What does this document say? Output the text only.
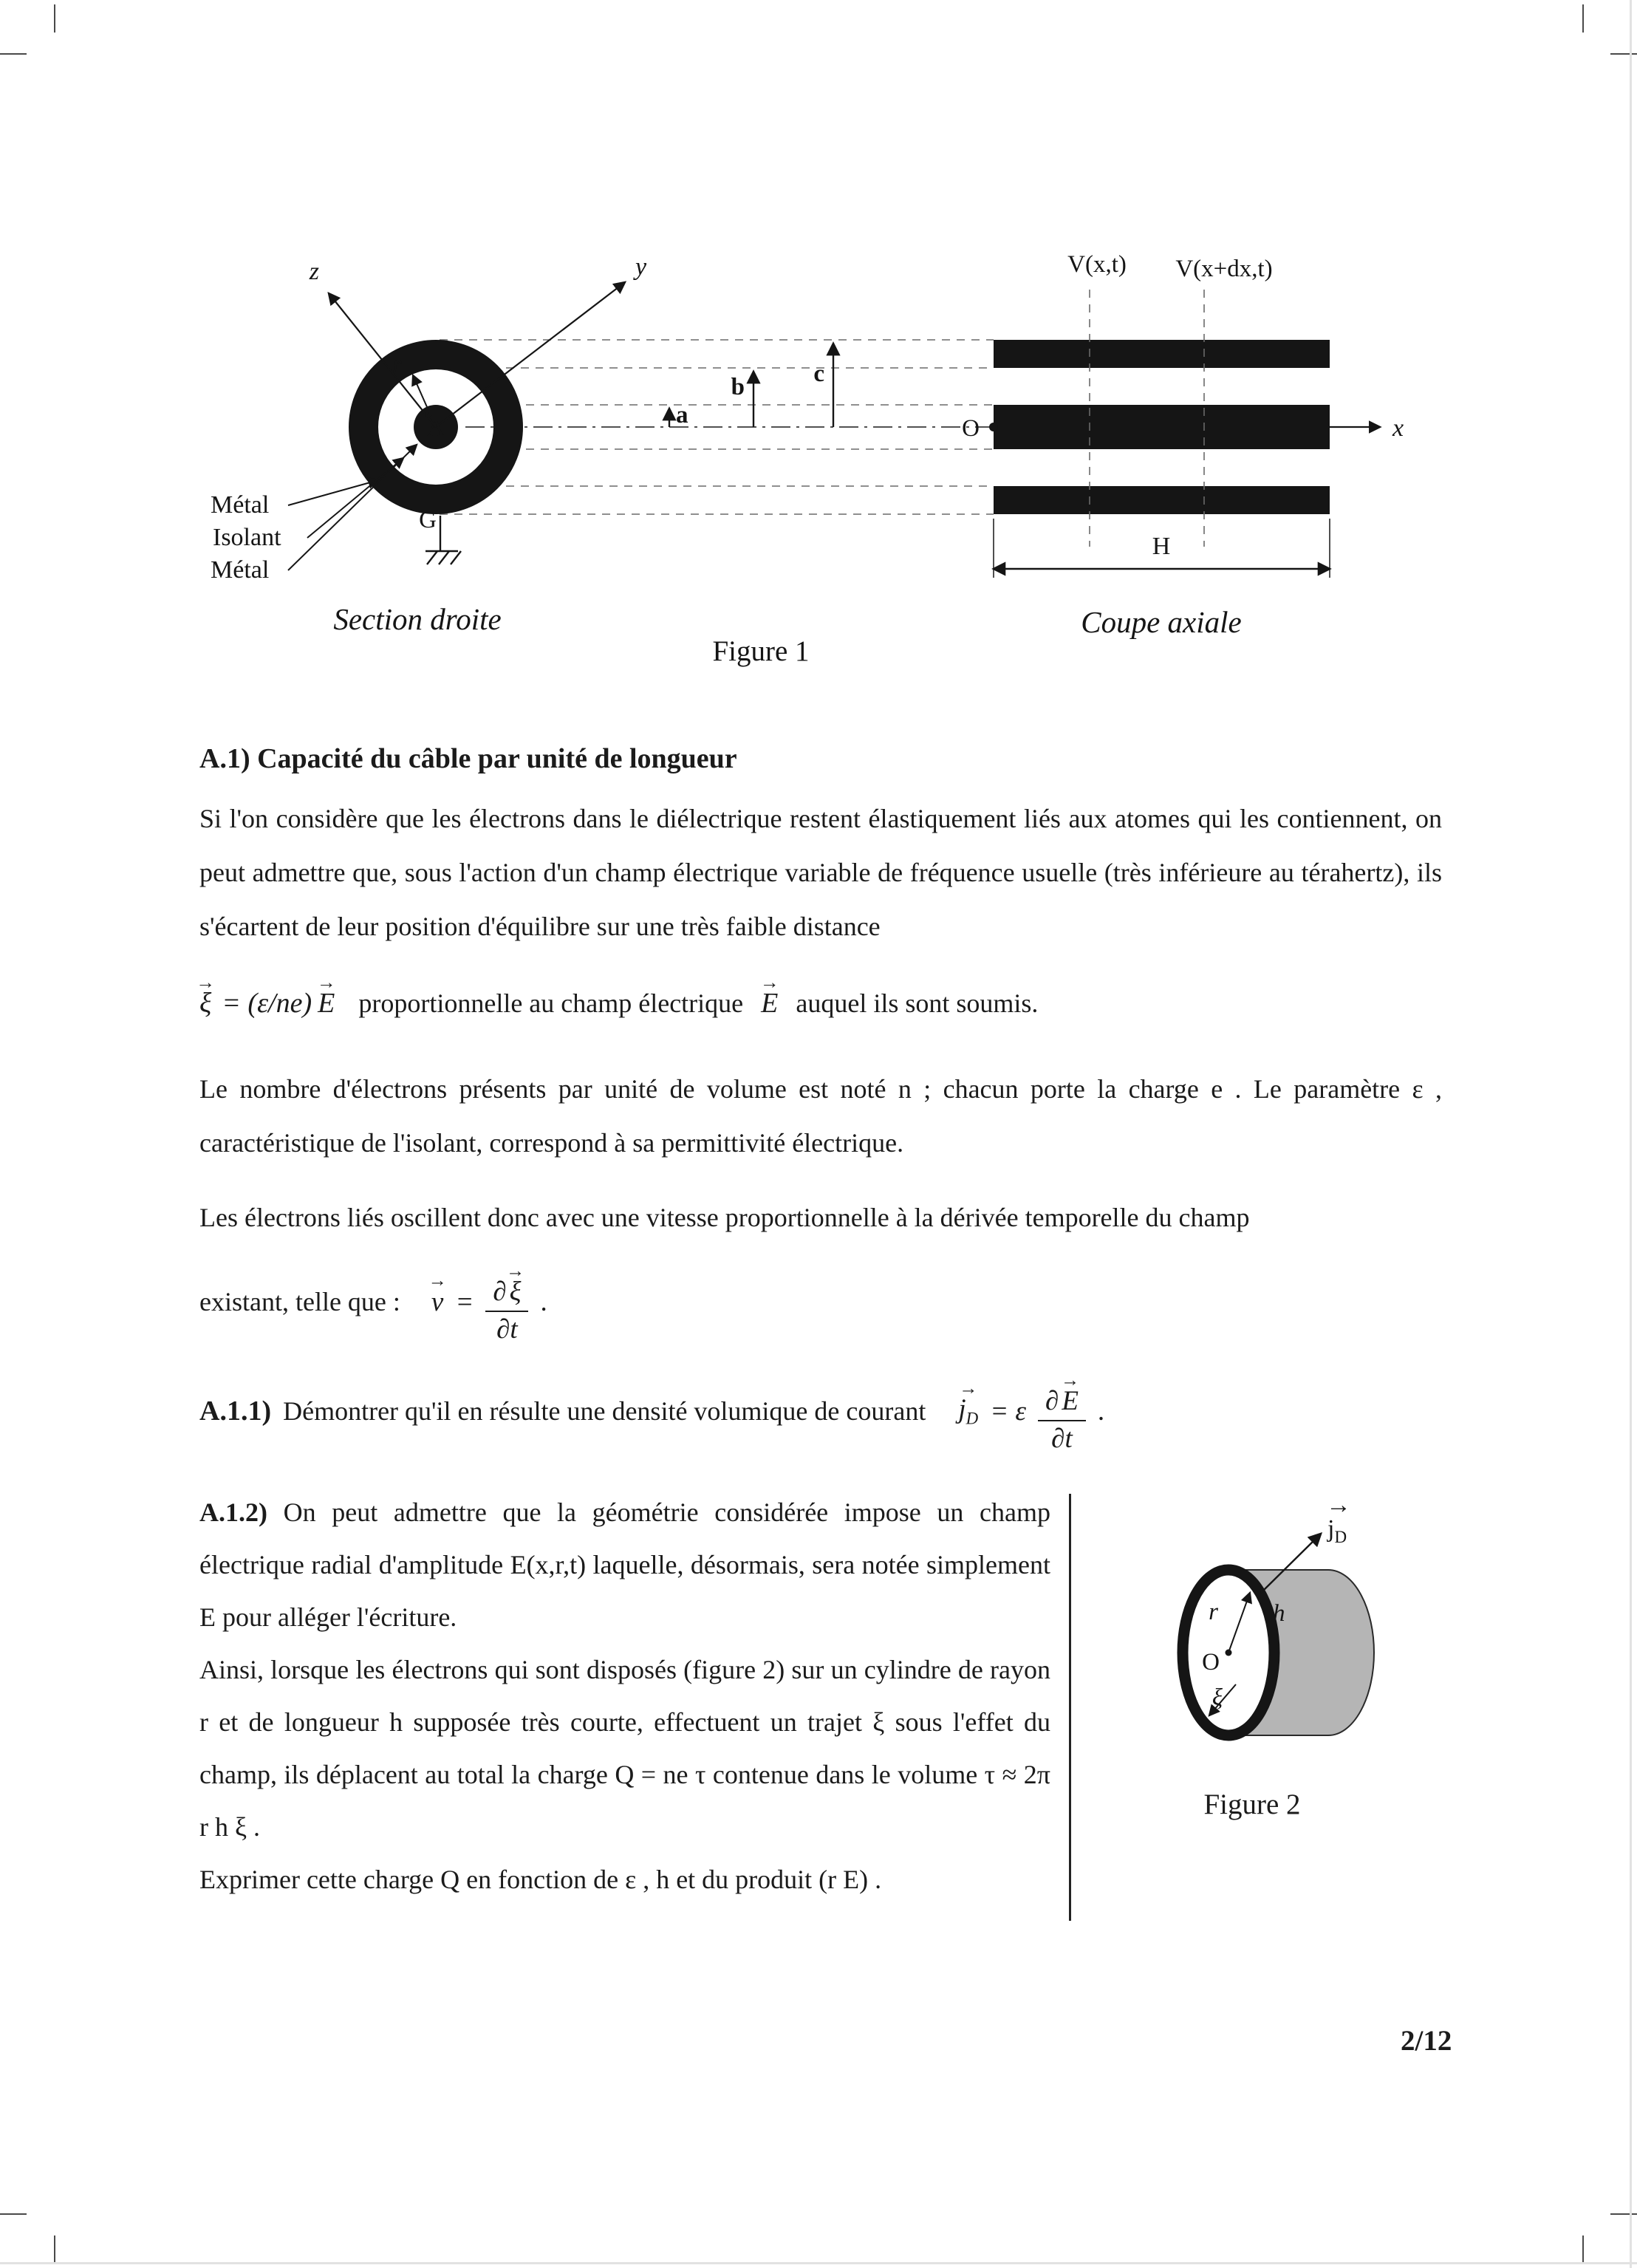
A
z	y
r
G
Métal
Isolant
Métal
a
b	c
O	x
V(x,t) V(x+dx,t)
H
Section droite	Coupe axiale
Figure 1
A.1) Capacité du câble par unité de longueur
Si l'on considère que les électrons dans le diélectrique restent élastiquement liés aux atomes qui les contiennent, on peut admettre que, sous l'action d'un champ électrique variable de fréquence usuelle (très inférieure au térahertz), ils s'écartent de leur position d'équilibre sur une très faible distance
→
ξ = (ε/ne)
→
E proportionnelle au champ électrique
→
E auquel ils sont soumis.
Le nombre d'électrons présents par unité de volume est noté n ; chacun porte la charge e . Le paramètre ε , caractéristique de l'isolant, correspond à sa permittivité électrique.
Les électrons liés oscillent donc avec une vitesse proportionnelle à la dérivée temporelle du champ
existant, telle que :
→
v = ∂
→
ξ
∂t .
A.1.1) Démontrer qu'il en résulte une densité volumique de courant
→
$j_D = \varepsilon$ ∂
→
E
∂t .

A.1.2) On peut admettre que la géométrie considérée impose un champ électrique radial d'amplitude E(x,r,t) laquelle, désormais, sera notée simplement E pour alléger l'écriture.

Ainsi, lorsque les électrons qui sont disposés (figure 2) sur un cylindre de rayon r et de longueur h supposée très courte, effectuent un trajet ξ sous l'effet du champ, ils déplacent au total la charge Q = ne τ contenue dans le volume τ ≈ 2π r h ξ .

Exprimer cette charge Q en fonction de ε , h et du produit (r E) .

$j_D$
→
r h
O
ξ
Figure 2
2/12
